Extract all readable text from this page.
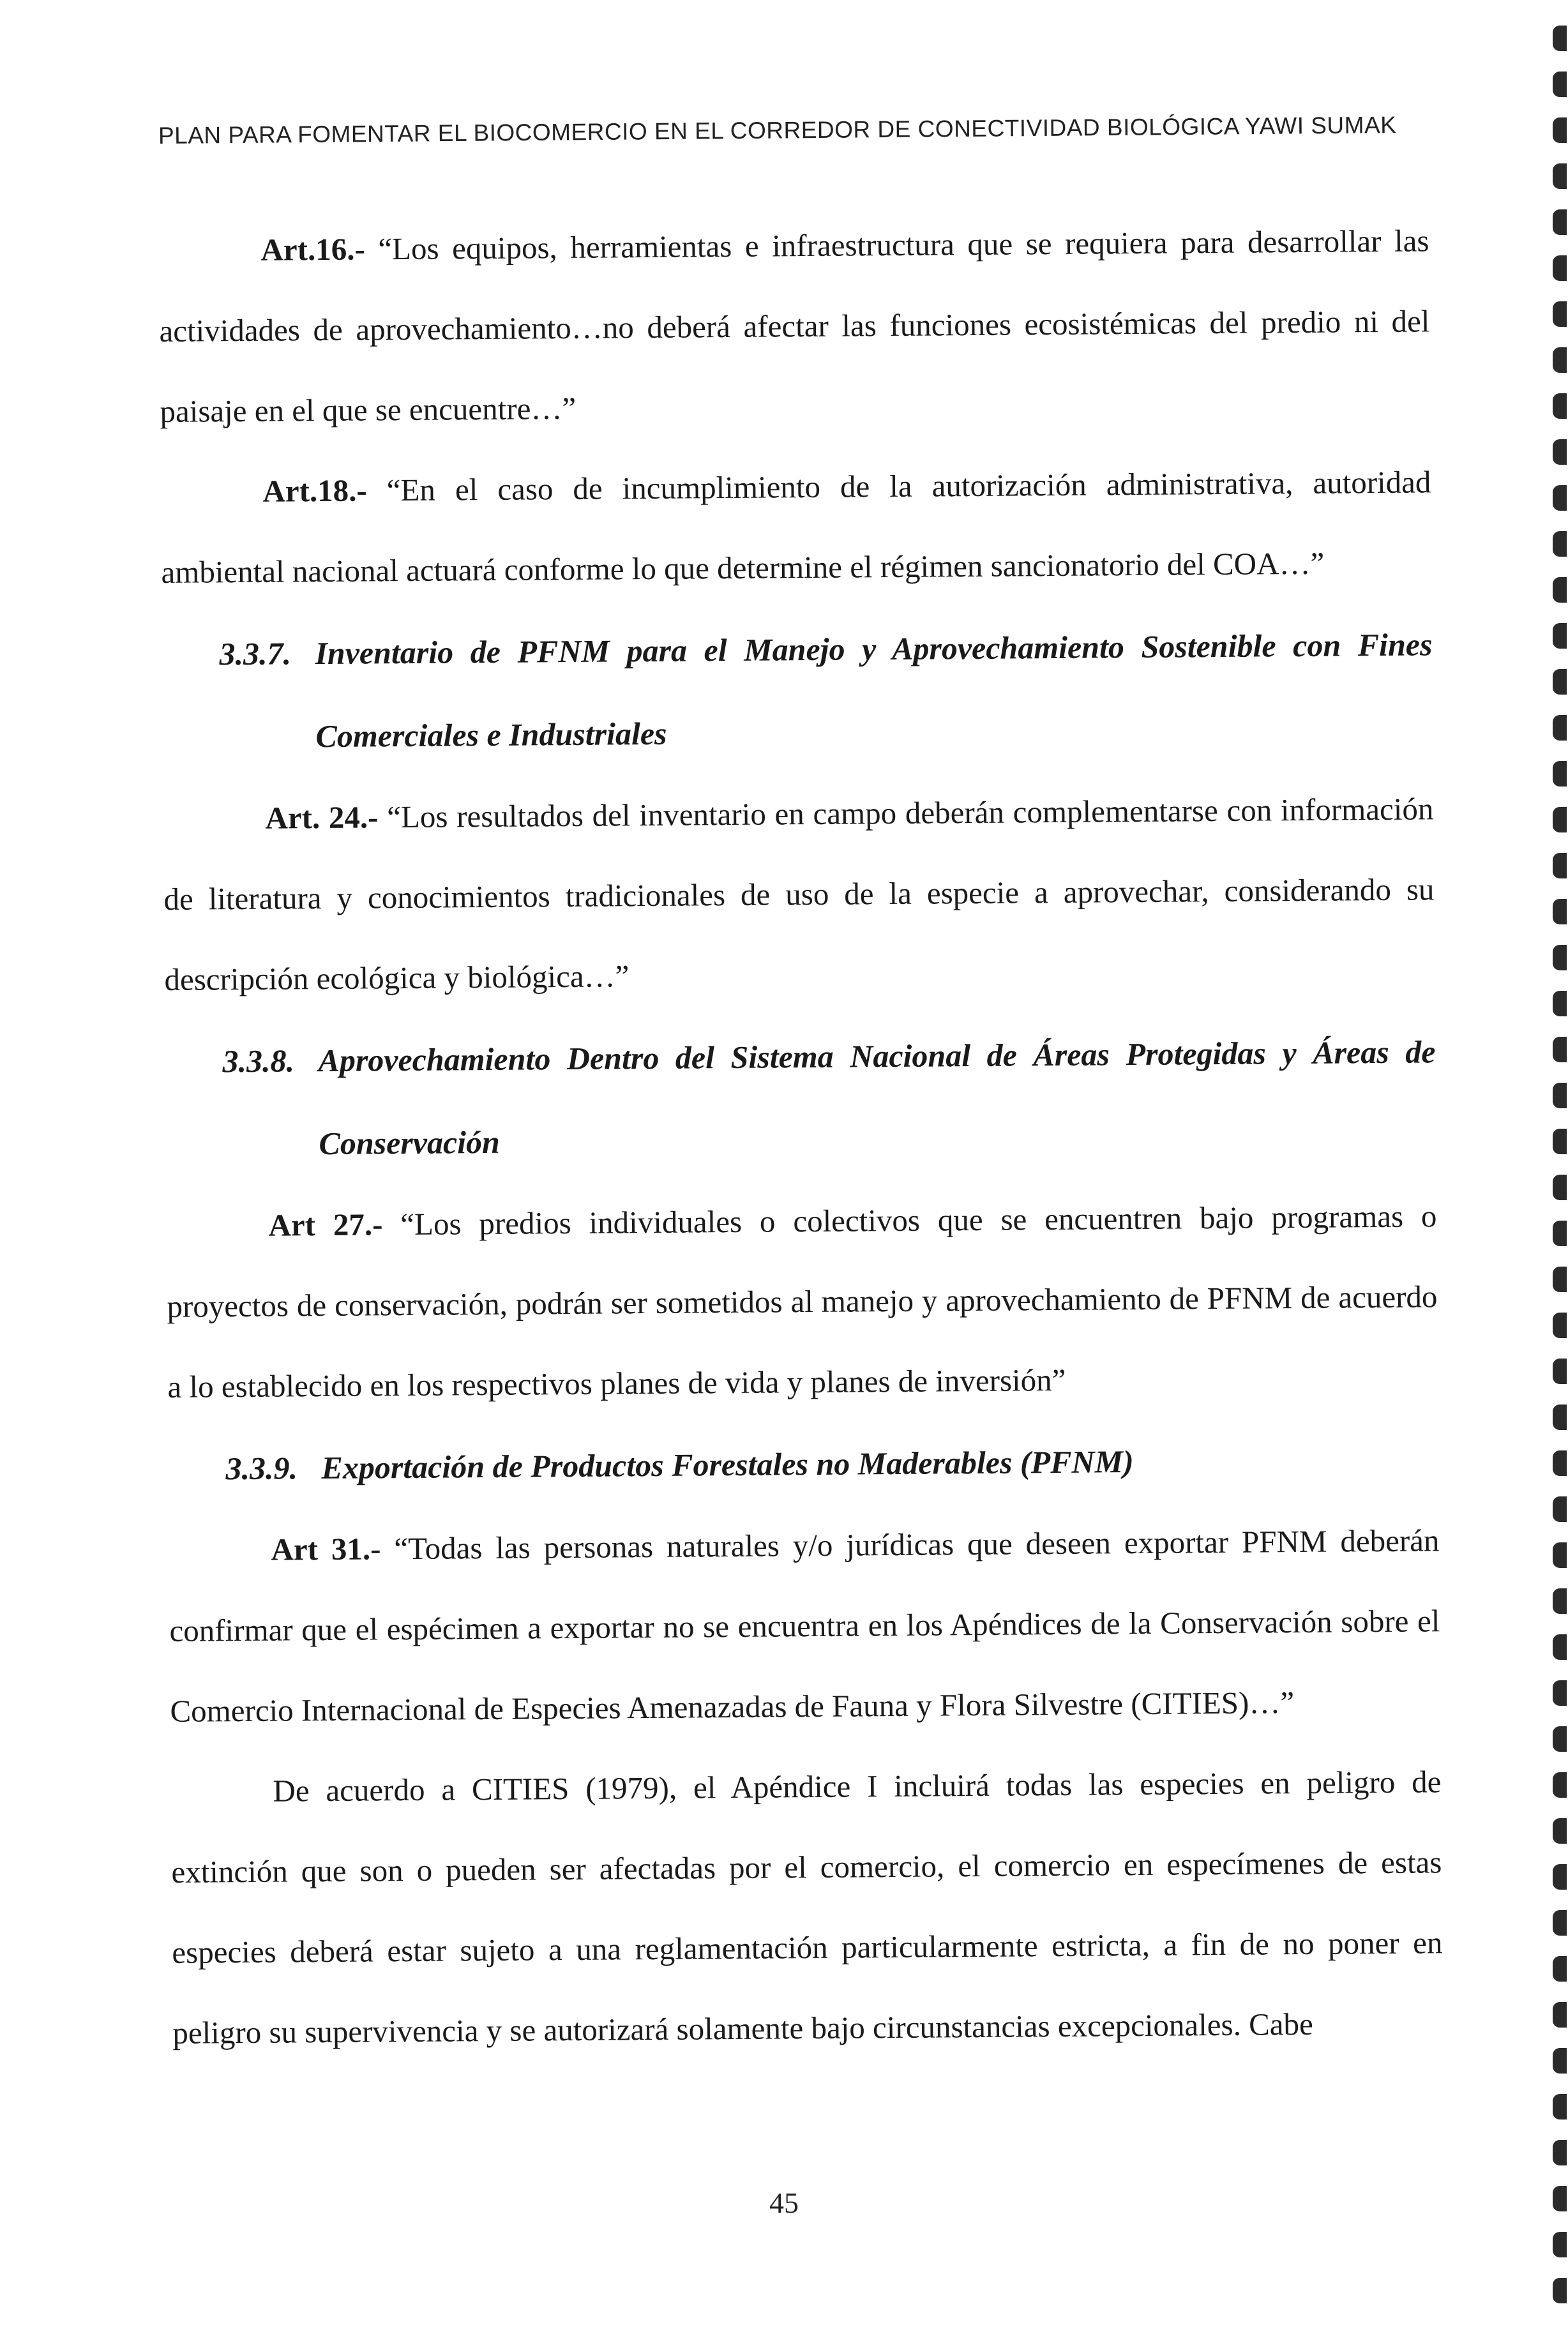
PLAN PARA FOMENTAR EL BIOCOMERCIO EN EL CORREDOR DE CONECTIVIDAD BIOLÓGICA YAWI SUMAK

Art.16.- “Los equipos, herramientas e infraestructura que se requiera para desarrollar las actividades de aprovechamiento…no deberá afectar las funciones ecosistémicas del predio ni del paisaje en el que se encuentre…”

Art.18.- “En el caso de incumplimiento de la autorización administrativa, autoridad ambiental nacional actuará conforme lo que determine el régimen sancionatorio del COA…”

3.3.7. Inventario de PFNM para el Manejo y Aprovechamiento Sostenible con Fines Comerciales e Industriales

Art. 24.- “Los resultados del inventario en campo deberán complementarse con información de literatura y conocimientos tradicionales de uso de la especie a aprovechar, considerando su descripción ecológica y biológica…”

3.3.8. Aprovechamiento Dentro del Sistema Nacional de Áreas Protegidas y Áreas de Conservación

Art 27.- “Los predios individuales o colectivos que se encuentren bajo programas o proyectos de conservación, podrán ser sometidos al manejo y aprovechamiento de PFNM de acuerdo a lo establecido en los respectivos planes de vida y planes de inversión”

3.3.9. Exportación de Productos Forestales no Maderables (PFNM)

Art 31.- “Todas las personas naturales y/o jurídicas que deseen exportar PFNM deberán confirmar que el espécimen a exportar no se encuentra en los Apéndices de la Conservación sobre el Comercio Internacional de Especies Amenazadas de Fauna y Flora Silvestre (CITIES)…”

De acuerdo a CITIES (1979), el Apéndice I incluirá todas las especies en peligro de extinción que son o pueden ser afectadas por el comercio, el comercio en especímenes de estas especies deberá estar sujeto a una reglamentación particularmente estricta, a fin de no poner en peligro su supervivencia y se autorizará solamente bajo circunstancias excepcionales. Cabe

45
